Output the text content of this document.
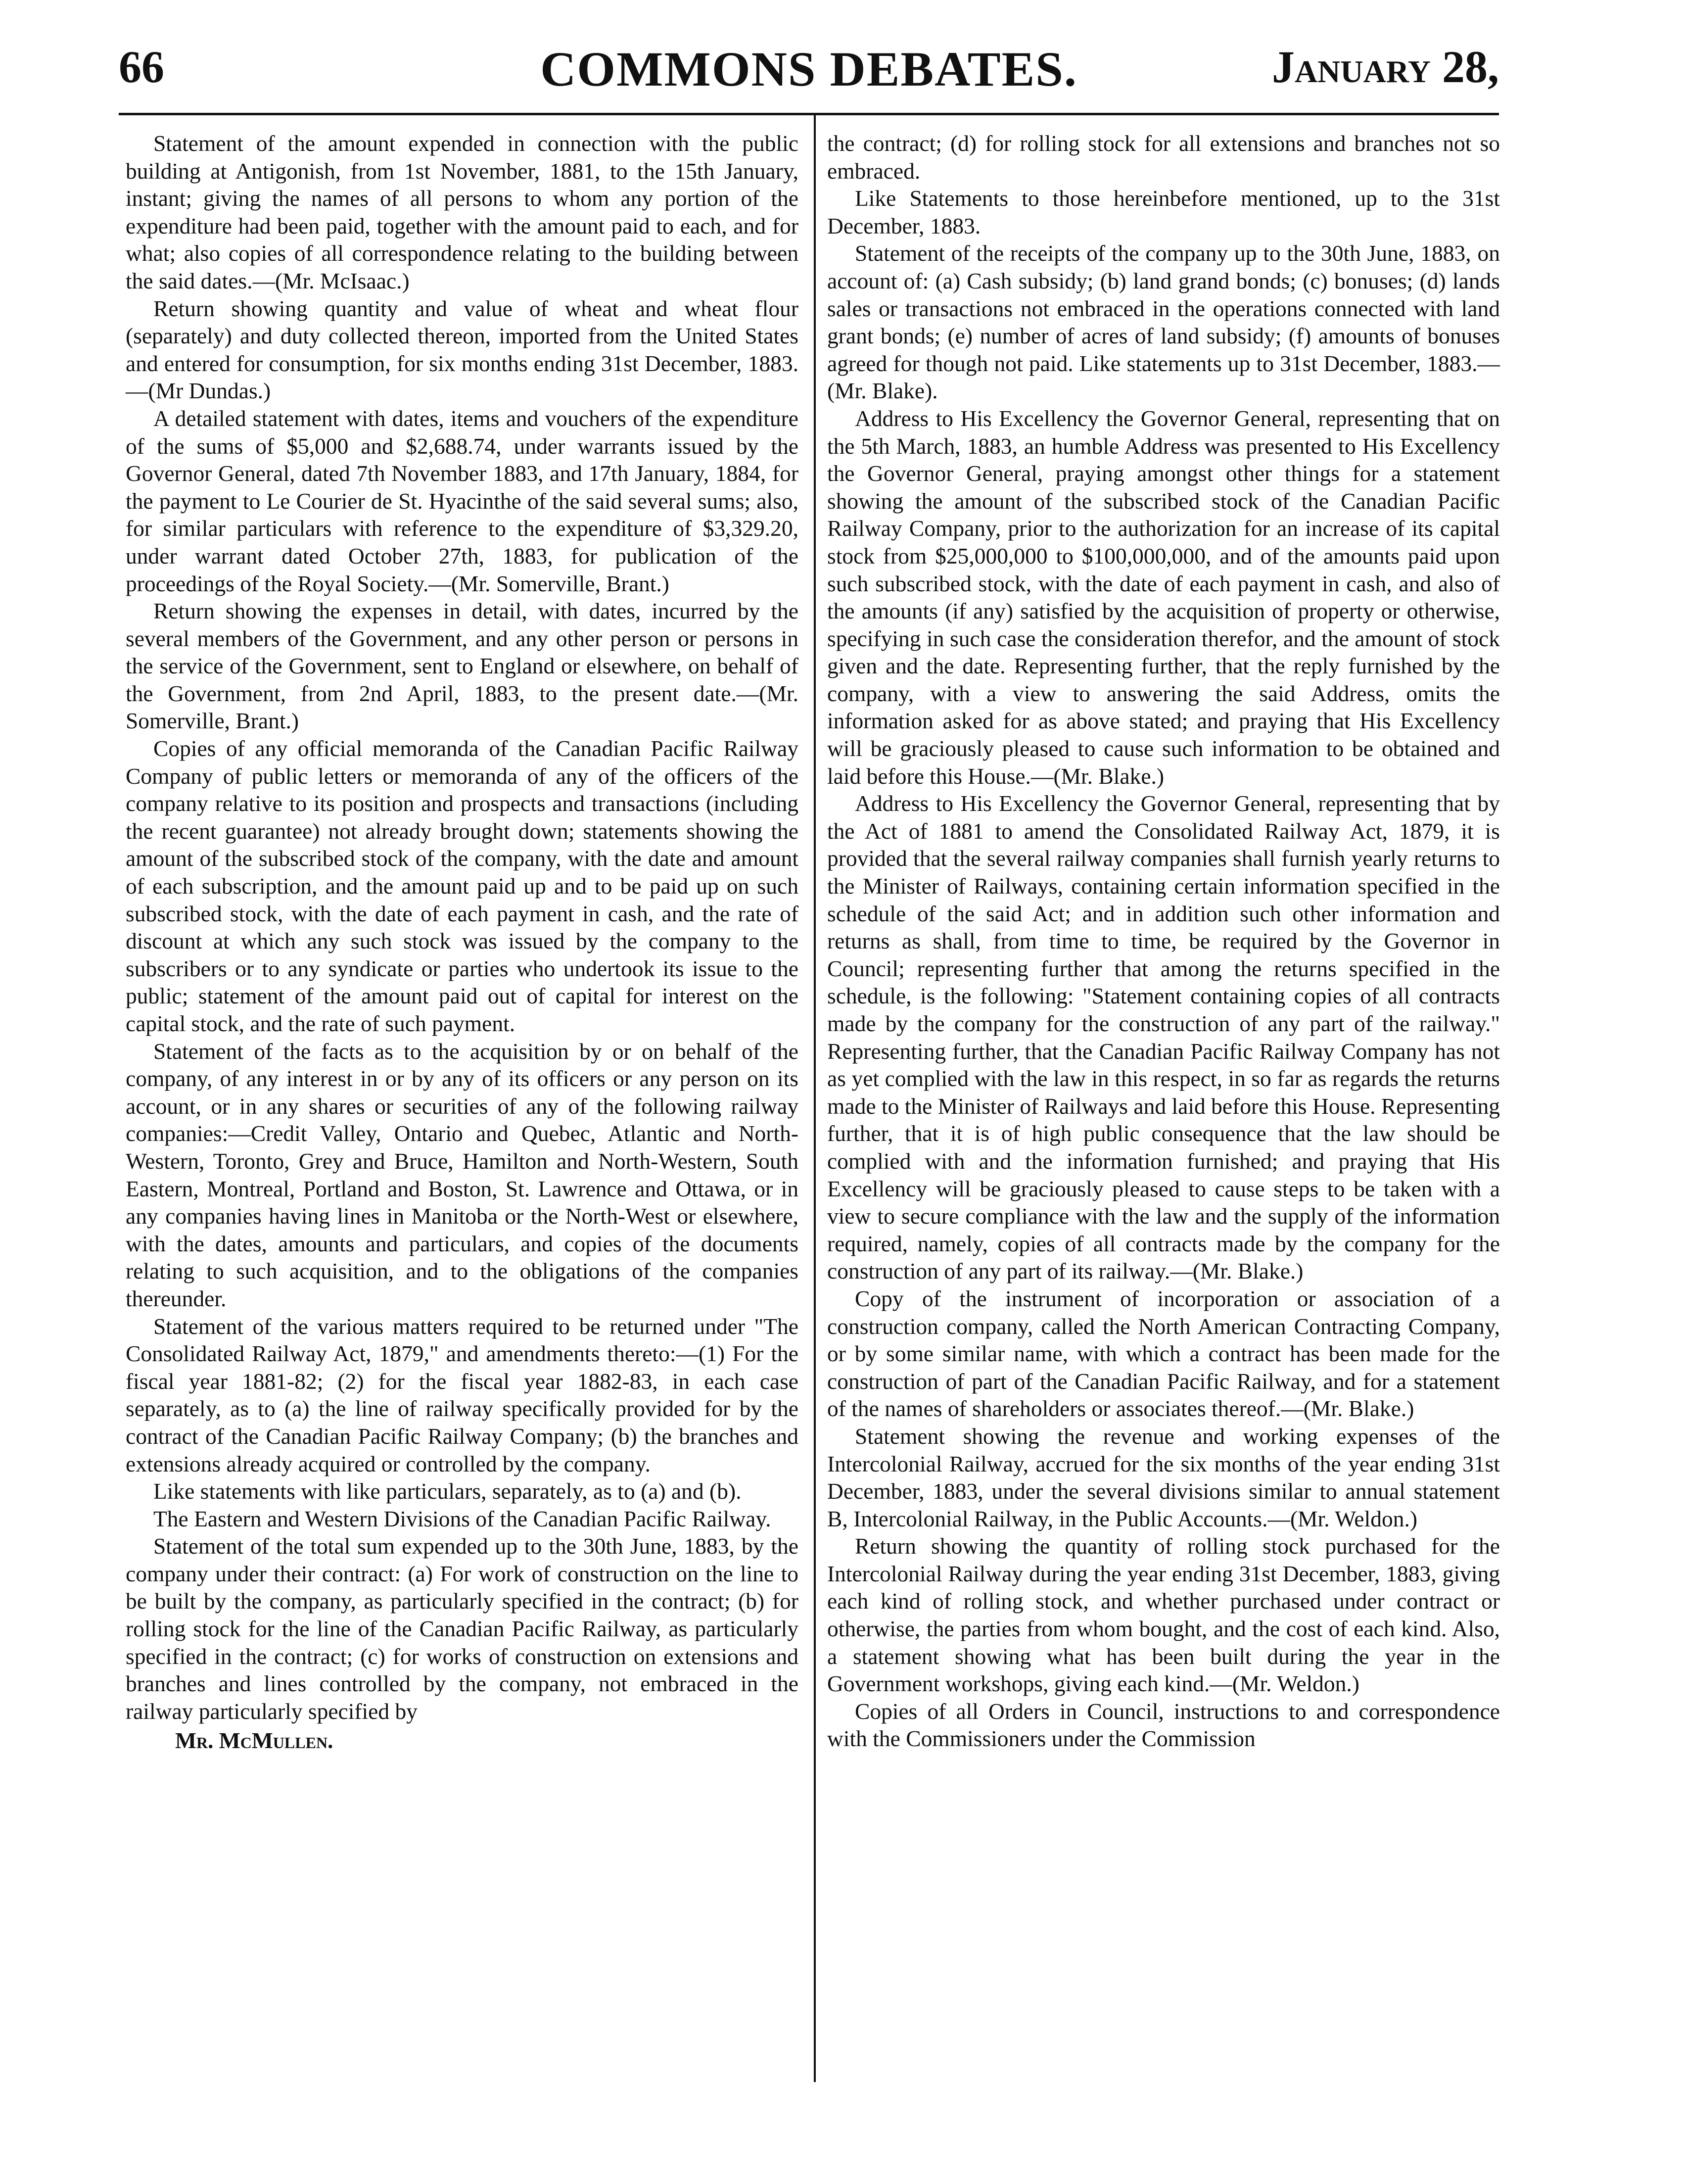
COMMONS DEBATES.
66	January 28,

Statement of the amount expended in connection with the public building at Antigonish, from 1st November, 1881, to the 15th January, instant; giving the names of all persons to whom any portion of the expenditure had been paid, together with the amount paid to each, and for what; also copies of all correspondence relating to the building between the said dates.—(Mr. McIsaac.)

Return showing quantity and value of wheat and wheat flour (separately) and duty collected thereon, imported from the United States and entered for consumption, for six months ending 31st December, 1883.—(Mr Dundas.)

A detailed statement with dates, items and vouchers of the expenditure of the sums of $5,000 and $2,688.74, under warrants issued by the Governor General, dated 7th November 1883, and 17th January, 1884, for the payment to Le Courier de St. Hyacinthe of the said several sums; also, for similar particulars with reference to the expenditure of $3,329.20, under warrant dated October 27th, 1883, for publication of the proceedings of the Royal Society.—(Mr. Somerville, Brant.)

Return showing the expenses in detail, with dates, incurred by the several members of the Government, and any other person or persons in the service of the Government, sent to England or elsewhere, on behalf of the Government, from 2nd April, 1883, to the present date.—(Mr. Somerville, Brant.)

Copies of any official memoranda of the Canadian Pacific Railway Company of public letters or memoranda of any of the officers of the company relative to its position and prospects and transactions (including the recent guarantee) not already brought down; statements showing the amount of the subscribed stock of the company, with the date and amount of each subscription, and the amount paid up and to be paid up on such subscribed stock, with the date of each payment in cash, and the rate of discount at which any such stock was issued by the company to the subscribers or to any syndicate or parties who undertook its issue to the public; statement of the amount paid out of capital for interest on the capital stock, and the rate of such payment.

Statement of the facts as to the acquisition by or on behalf of the company, of any interest in or by any of its officers or any person on its account, or in any shares or securities of any of the following railway companies:—Credit Valley, Ontario and Quebec, Atlantic and North-Western, Toronto, Grey and Bruce, Hamilton and North-Western, South Eastern, Montreal, Portland and Boston, St. Lawrence and Ottawa, or in any companies having lines in Manitoba or the North-West or elsewhere, with the dates, amounts and particulars, and copies of the documents relating to such acquisition, and to the obligations of the companies thereunder.

Statement of the various matters required to be returned under "The Consolidated Railway Act, 1879," and amendments thereto:—(1) For the fiscal year 1881-82; (2) for the fiscal year 1882-83, in each case separately, as to (a) the line of railway specifically provided for by the contract of the Canadian Pacific Railway Company; (b) the branches and extensions already acquired or controlled by the company.

Like statements with like particulars, separately, as to (a) and (b).

The Eastern and Western Divisions of the Canadian Pacific Railway.

Statement of the total sum expended up to the 30th June, 1883, by the company under their contract: (a) For work of construction on the line to be built by the company, as particularly specified in the contract; (b) for rolling stock for the line of the Canadian Pacific Railway, as particularly specified in the contract; (c) for works of construction on extensions and branches and lines controlled by the company, not embraced in the railway particularly specified by

Mr. McMullen.

the contract; (d) for rolling stock for all extensions and branches not so embraced.

Like Statements to those hereinbefore mentioned, up to the 31st December, 1883.

Statement of the receipts of the company up to the 30th June, 1883, on account of: (a) Cash subsidy; (b) land grand bonds; (c) bonuses; (d) lands sales or transactions not embraced in the operations connected with land grant bonds; (e) number of acres of land subsidy; (f) amounts of bonuses agreed for though not paid. Like statements up to 31st December, 1883.—(Mr. Blake).

Address to His Excellency the Governor General, representing that on the 5th March, 1883, an humble Address was presented to His Excellency the Governor General, praying amongst other things for a statement showing the amount of the subscribed stock of the Canadian Pacific Railway Company, prior to the authorization for an increase of its capital stock from $25,000,000 to $100,000,000, and of the amounts paid upon such subscribed stock, with the date of each payment in cash, and also of the amounts (if any) satisfied by the acquisition of property or otherwise, specifying in such case the consideration therefor, and the amount of stock given and the date. Representing further, that the reply furnished by the company, with a view to answering the said Address, omits the information asked for as above stated; and praying that His Excellency will be graciously pleased to cause such information to be obtained and laid before this House.—(Mr. Blake.)

Address to His Excellency the Governor General, representing that by the Act of 1881 to amend the Consolidated Railway Act, 1879, it is provided that the several railway companies shall furnish yearly returns to the Minister of Railways, containing certain information specified in the schedule of the said Act; and in addition such other information and returns as shall, from time to time, be required by the Governor in Council; representing further that among the returns specified in the schedule, is the following: "Statement containing copies of all contracts made by the company for the construction of any part of the railway." Representing further, that the Canadian Pacific Railway Company has not as yet complied with the law in this respect, in so far as regards the returns made to the Minister of Railways and laid before this House. Representing further, that it is of high public consequence that the law should be complied with and the information furnished; and praying that His Excellency will be graciously pleased to cause steps to be taken with a view to secure compliance with the law and the supply of the information required, namely, copies of all contracts made by the company for the construction of any part of its railway.—(Mr. Blake.)

Copy of the instrument of incorporation or association of a construction company, called the North American Contracting Company, or by some similar name, with which a contract has been made for the construction of part of the Canadian Pacific Railway, and for a statement of the names of shareholders or associates thereof.—(Mr. Blake.)

Statement showing the revenue and working expenses of the Intercolonial Railway, accrued for the six months of the year ending 31st December, 1883, under the several divisions similar to annual statement B, Intercolonial Railway, in the Public Accounts.—(Mr. Weldon.)

Return showing the quantity of rolling stock purchased for the Intercolonial Railway during the year ending 31st December, 1883, giving each kind of rolling stock, and whether purchased under contract or otherwise, the parties from whom bought, and the cost of each kind. Also, a statement showing what has been built during the year in the Government workshops, giving each kind.—(Mr. Weldon.)

Copies of all Orders in Council, instructions to and correspondence with the Commissioners under the Commission
